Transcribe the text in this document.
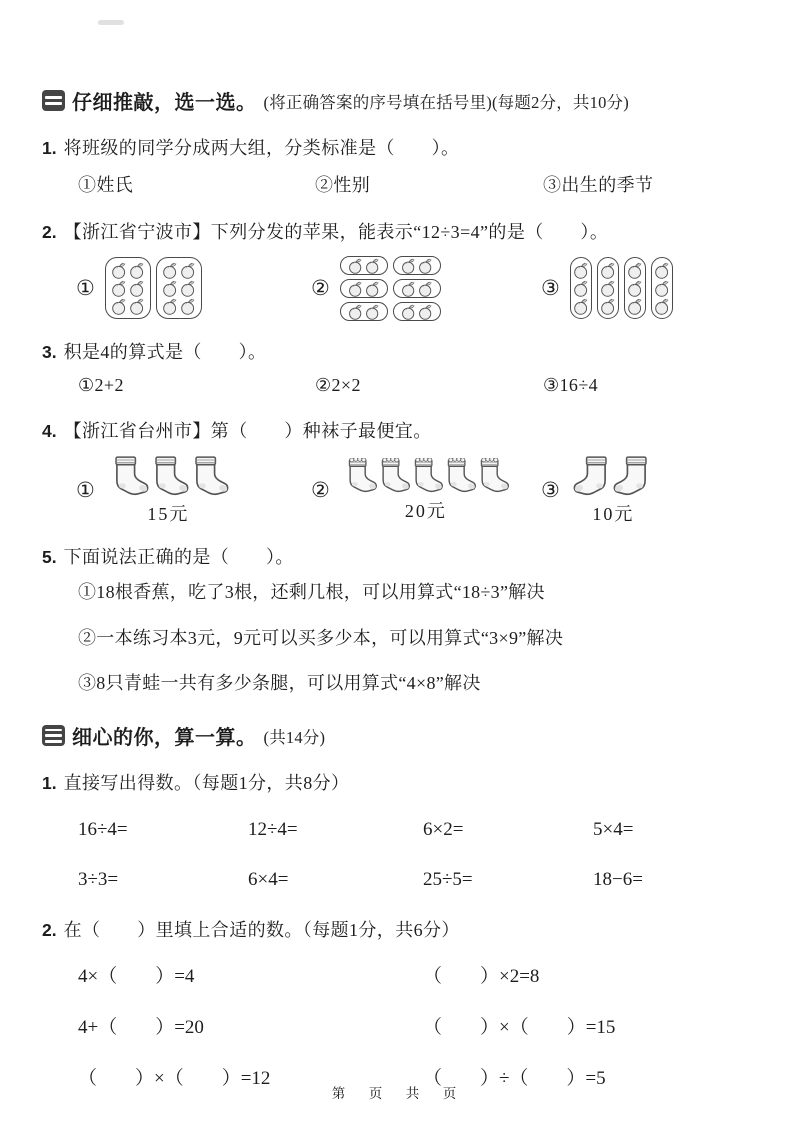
仔细推敲，选一选。 (将正确答案的序号填在括号里)(每题2分，共10分)
1. 将班级的同学分成两大组，分类标准是（　　）。
①姓氏	②性别	③出生的季节
2. 【浙江省宁波市】下列分发的苹果，能表示“12÷3=4”的是（　　）。
①	②	③
3. 积是4的算式是（　　）。
①2+2	②2×2	③16÷4
4. 【浙江省台州市】第（　　）种袜子最便宜。
①
15元
②
20元
③
10元
5. 下面说法正确的是（　　）。
①18根香蕉，吃了3根，还剩几根，可以用算式“18÷3”解决
②一本练习本3元，9元可以买多少本，可以用算式“3×9”解决
③8只青蛙一共有多少条腿，可以用算式“4×8”解决
细心的你，算一算。 (共14分)
1. 直接写出得数。（每题1分，共8分）
16÷4=	12÷4=	6×2=	5×4=
3÷3=	6×4=	25÷5=	18−6=
2. 在（　　）里填上合适的数。（每题1分，共6分）
4×（　　）=4	（　　）×2=8
4+（　　）=20	（　　）×（　　）=15
（　　）×（　　）=12	（　　）÷（　　）=5
第　页　共　页
